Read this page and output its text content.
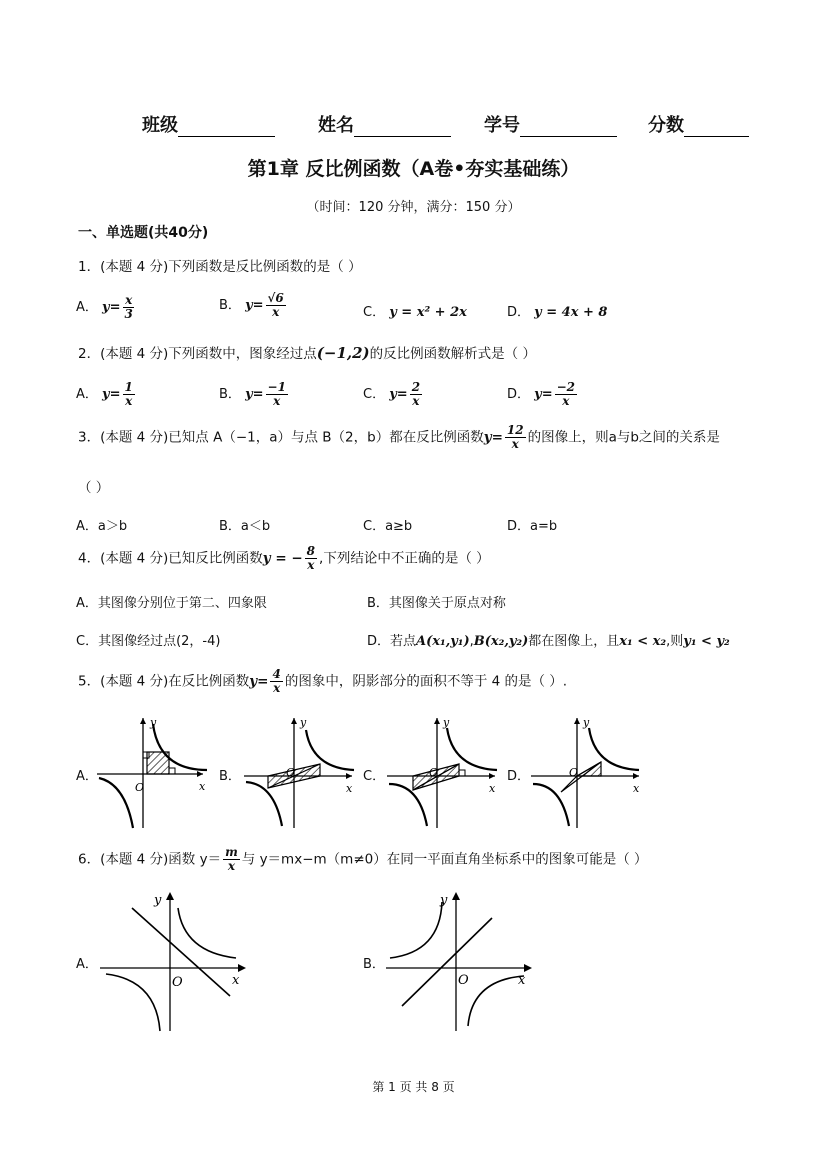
班级	姓名	学号	分数
第1章 反比例函数（A卷•夯实基础练）
（时间：120 分钟，满分：150 分）
一、单选题(共40分)
1．(本题 4 分)下列函数是反比例函数的是（ ）
A． $y= \frac{x}{3}$	B． $y= \frac{√6}{x}$	C． y = x² + 2x	D． y = 4x + 8
2．(本题 4 分)下列函数中，图象经过点(−1,2)的反比例函数解析式是（ ）
A． $y= \frac{1}{x}$	B． $y= \frac{-1}{x}$	C． $y= \frac{2}{x}$	D． $y= \frac{-2}{x}$
3．(本题 4 分)已知点 A（−1，a）与点 B（2，b）都在反比例函数$y= \frac{12}{x}$ 的图像上，则a与b之间的关系是
（ ）
A．a＞b	B．a＜b	C．a≥b	D．a=b
4．(本题 4 分)已知反比例函数y = − $\frac{8}{x}$ ,下列结论中不正确的是（ ）
A．其图像分别位于第二、四象限	B．其图像关于原点对称
C．其图像经过点(2，-4)	D．若点A(x₁,y₁),B(x₂,y₂)都在图像上，且x₁ < x₂,则y₁ < y₂
5．(本题 4 分)在反比例函数$y= \frac{4}{x}$ 的图象中，阴影部分的面积不等于 4 的是（ ）.
A．	B．	C．	D．
O	x
y
O
x
y
O
x
y
O
x
y
6．(本题 4 分)函数 $y= \frac{m}{x}$ 与 y＝mx−m（m≠0）在同一平面直角坐标系中的图象可能是（ ）
A．	B．
O	x
y
O	x
y
第 1 页 共 8 页
